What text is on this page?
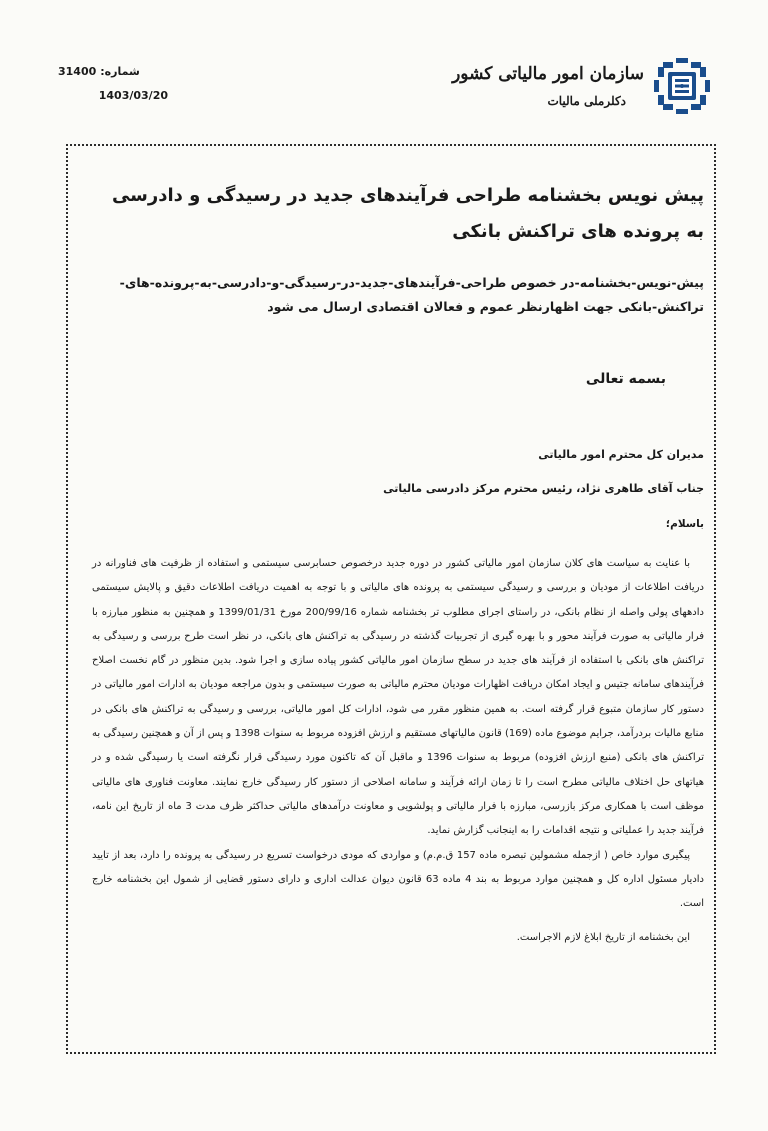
شماره:
31400
1403/03/20
سازمان امور مالیاتی کشور
دکلرملی مالیات
پیش نویس بخشنامه طراحی فرآیندهای جدید در رسیدگی و دادرسی به پرونده های تراکنش بانکی
پیش-نویس-بخشنامه-در خصوص طراحی-فرآیندهای-جدید-در-رسیدگی-و-دادرسی-به-پرونده-های-تراکنش-بانکی جهت اظهارنظر عموم و فعالان اقتصادی ارسال می شود
بسمه تعالی
مدیران کل محترم امور مالیاتی
جناب آقای طاهری نژاد، رئیس محترم مرکز دادرسی مالیاتی
باسلام؛

با عنایت به سیاست های کلان سازمان امور مالیاتی کشور در دوره جدید درخصوص حسابرسی سیستمی و استفاده از ظرفیت های فناورانه در دریافت اطلاعات از مودیان و بررسی و رسیدگی سیستمی به پرونده های مالیاتی و با توجه به اهمیت دریافت اطلاعات دقیق و پالایش سیستمی دادههای پولی واصله از نظام بانکی، در راستای اجرای مطلوب تر بخشنامه شماره 200/99/16 مورخ 1399/01/31 و همچنین به منظور مبارزه با فرار مالیاتی به صورت فرآیند محور و با بهره گیری از تجربیات گذشته در رسیدگی به تراکنش های بانکی، در نظر است طرح بررسی و رسیدگی به تراکنش های بانکی با استفاده از فرآیند های جدید در سطح سازمان امور مالیاتی کشور پیاده سازی و اجرا شود. بدین منظور در گام نخست اصلاح فرآیندهای سامانه جتیس و ایجاد امکان دریافت اظهارات مودیان محترم مالیاتی به صورت سیستمی و بدون مراجعه مودیان به ادارات امور مالیاتی در دستور کار سازمان متبوع قرار گرفته است. به همین منظور مقرر می شود، ادارات کل امور مالیاتی، بررسی و رسیدگی به تراکنش های بانکی در منابع مالیات بردرآمد، جرایم موضوع ماده (169) قانون مالیاتهای مستقیم و ارزش افزوده مربوط به سنوات 1398 و پس از آن و همچنین رسیدگی به تراکنش های بانکی (منبع ارزش افزوده) مربوط به سنوات 1396 و ماقبل آن که تاکنون مورد رسیدگی قرار نگرفته است یا رسیدگی شده و در هیاتهای حل اختلاف مالیاتی مطرح است را تا زمان ارائه فرآیند و سامانه اصلاحی از دستور کار رسیدگی خارج نمایند. معاونت فناوری های مالیاتی موظف است با همکاری مرکز بازرسی، مبارزه با فرار مالیاتی و پولشویی و معاونت درآمدهای مالیاتی حداکثر ظرف مدت 3 ماه از تاریخ این نامه، فرآیند جدید را عملیاتی و نتیجه اقدامات را به اینجانب گزارش نماید.

پیگیری موارد خاص ( ازجمله مشمولین تبصره ماده 157 ق.م.م) و مواردی که مودی درخواست تسریع در رسیدگی به پرونده را دارد، بعد از تایید دادیار مسئول اداره کل و همچنین موارد مربوط به بند 4 ماده 63 قانون دیوان عدالت اداری و دارای دستور قضایی از شمول این بخشنامه خارج است.

این بخشنامه از تاریخ ابلاغ لازم الاجراست.
